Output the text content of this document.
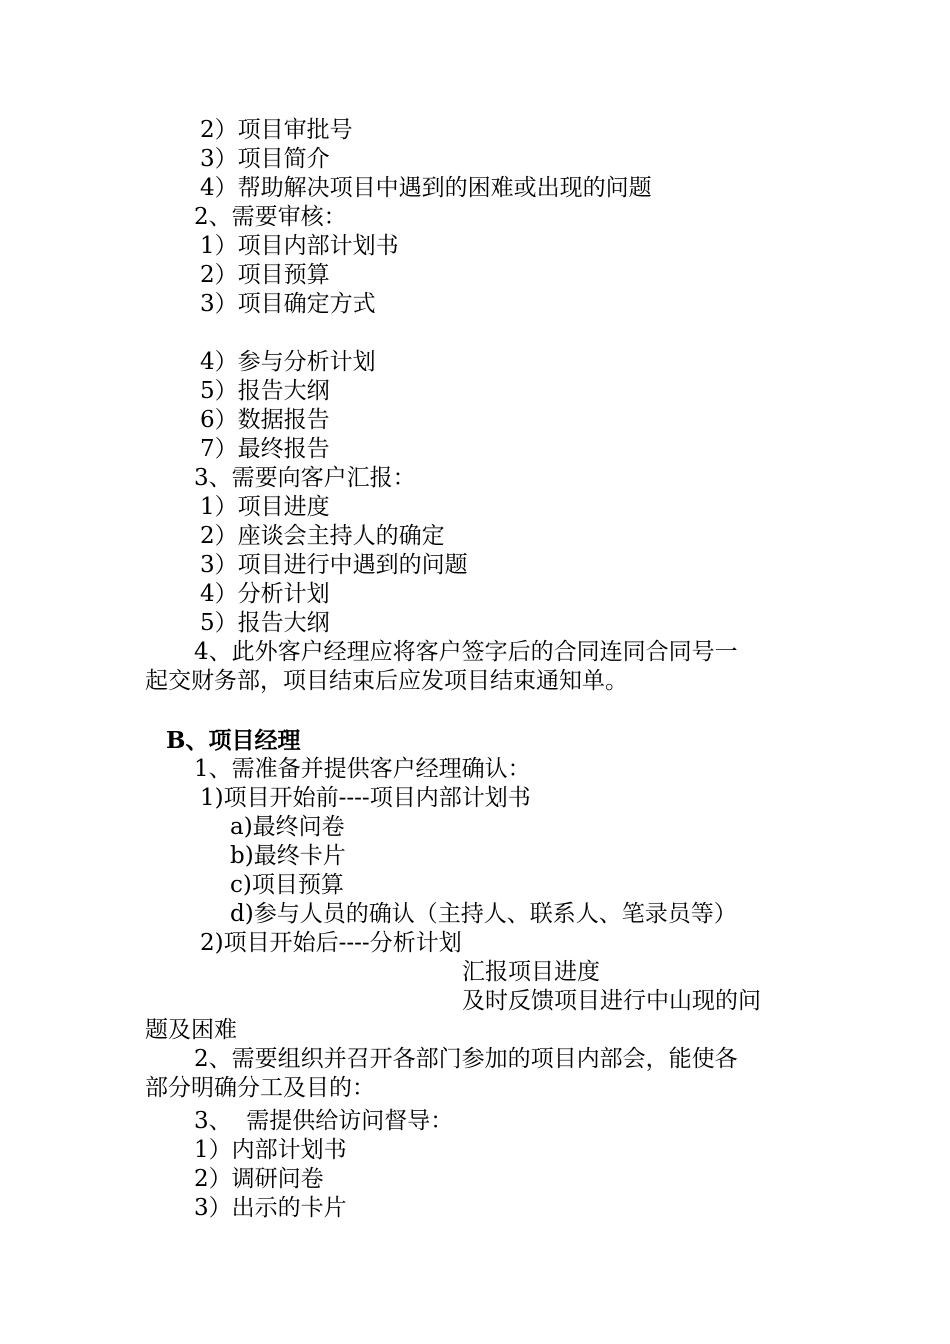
2）项目审批号
3）项目简介
4）帮助解决项目中遇到的困难或出现的问题
2、需要审核：
1）项目内部计划书
2）项目预算
3）项目确定方式
4）参与分析计划
5）报告大纲
6）数据报告
7）最终报告
3、需要向客户汇报：
1）项目进度
2）座谈会主持人的确定
3）项目进行中遇到的问题
4）分析计划
5）报告大纲
4、此外客户经理应将客户签字后的合同连同合同号一
起交财务部，项目结束后应发项目结束通知单。
B、项目经理
1、需准备并提供客户经理确认：
1)项目开始前----项目内部计划书
a)最终问卷
b)最终卡片
c)项目预算
d)参与人员的确认（主持人、联系人、笔录员等）
2)项目开始后----分析计划
汇报项目进度
及时反馈项目进行中山现的问
题及困难
2、需要组织并召开各部门参加的项目内部会，能使各
部分明确分工及目的：
3、  需提供给访问督导：
1）内部计划书
2）调研问卷
3）出示的卡片
